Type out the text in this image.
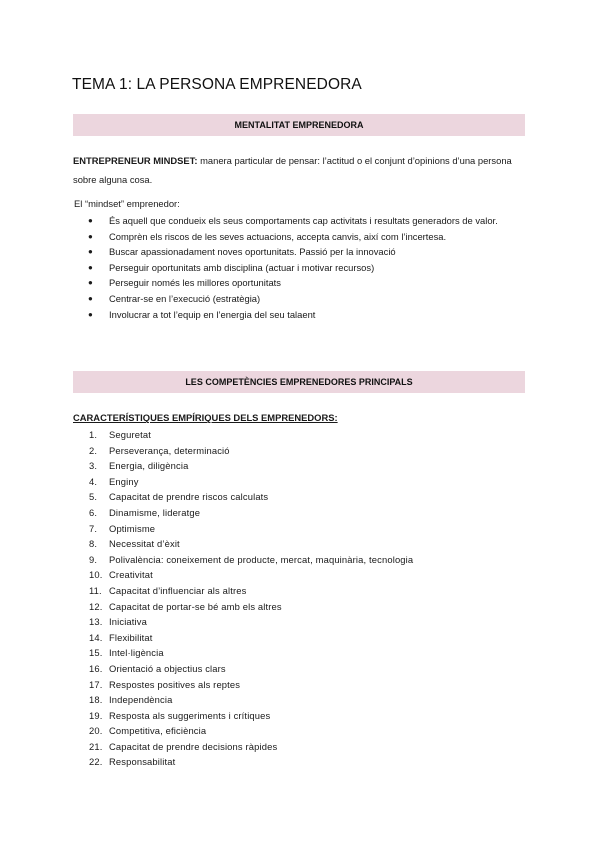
TEMA 1: LA PERSONA EMPRENEDORA
MENTALITAT EMPRENEDORA
ENTREPRENEUR MINDSET: manera particular de pensar: l’actitud o el conjunt d’opinions d’una persona sobre alguna cosa.
El “mindset” emprenedor:
●	És aquell que condueix els seus comportaments cap activitats i resultats generadors de valor.
●	Comprèn els riscos de les seves actuacions, accepta canvis, així com l’incertesa.
●	Buscar apassionadament noves oportunitats. Passió per la innovació
●	Perseguir oportunitats amb disciplina (actuar i motivar recursos)
●	Perseguir només les millores oportunitats
●	Centrar-se en l’execució (estratègia)
●	Involucrar a tot l’equip en l’energia del seu talaent
LES COMPETÈNCIES EMPRENEDORES PRINCIPALS
CARACTERÍSTIQUES EMPÍRIQUES DELS EMPRENEDORS:
1.	Seguretat
2.	Perseverança, determinació
3.	Energia, diligència
4.	Enginy
5.	Capacitat de prendre riscos calculats
6.	Dinamisme, lideratge
7.	Optimisme
8.	Necessitat d’èxit
9.	Polivalència: coneixement de producte, mercat, maquinària, tecnologia
10. Creativitat
11. Capacitat d’influenciar als altres
12. Capacitat de portar-se bé amb els altres
13. Iniciativa
14. Flexibilitat
15. Intel·ligència
16. Orientació a objectius clars
17. Respostes positives als reptes
18. Independència
19. Resposta als suggeriments i crítiques
20. Competitiva, eficiència
21. Capacitat de prendre decisions ràpides
22. Responsabilitat
